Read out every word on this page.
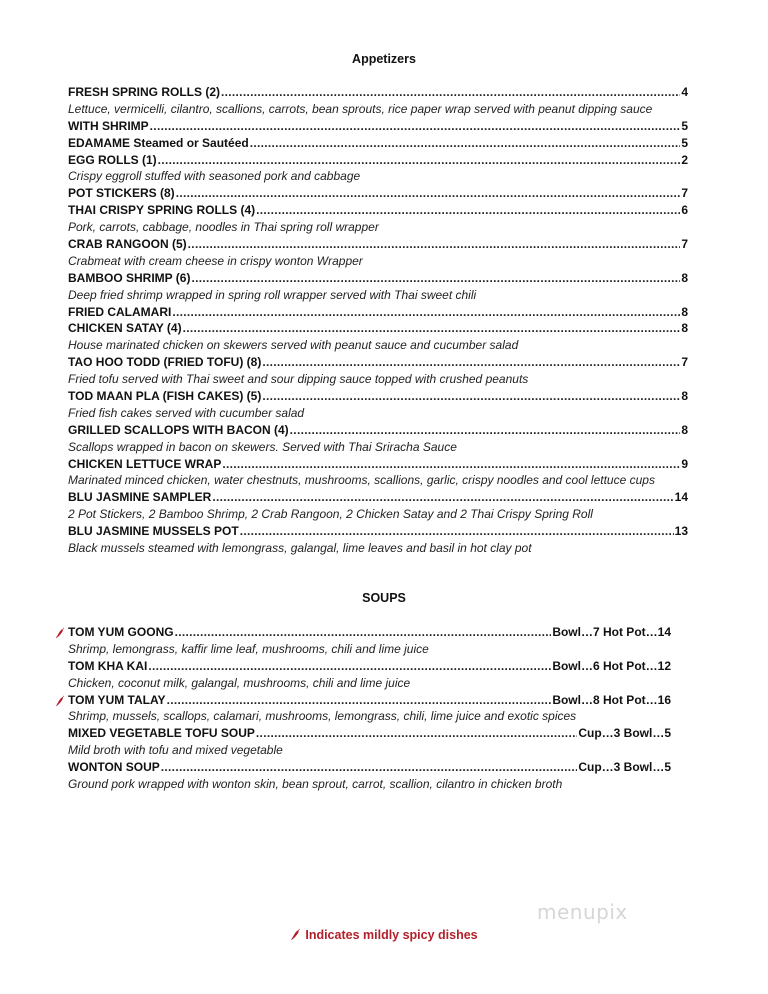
Appetizers
FRESH SPRING ROLLS (2) .....	4
Lettuce, vermicelli, cilantro, scallions, carrots, bean sprouts, rice paper wrap served with peanut dipping sauce
WITH SHRIMP .....	5
EDAMAME Steamed or Sautéed .....	5
EGG ROLLS (1) .....	2
Crispy eggroll stuffed with seasoned pork and cabbage
POT STICKERS (8) .....	7
THAI CRISPY SPRING ROLLS (4) .....	6
Pork, carrots, cabbage, noodles in Thai spring roll wrapper
CRAB RANGOON (5) .....	7
Crabmeat with cream cheese in crispy wonton Wrapper
BAMBOO SHRIMP (6) .....	8
Deep fried shrimp wrapped in spring roll wrapper served with Thai sweet chili
FRIED CALAMARI .....	8
CHICKEN SATAY (4) .....	8
House marinated chicken on skewers served with peanut sauce and cucumber salad
TAO HOO TODD (FRIED TOFU) (8) .....	7
Fried tofu served with Thai sweet and sour dipping sauce topped with crushed peanuts
TOD MAAN PLA (FISH CAKES) (5) .....	8
Fried fish cakes served with cucumber salad
GRILLED SCALLOPS WITH BACON (4) .....	8
Scallops wrapped in bacon on skewers. Served with Thai Sriracha Sauce
CHICKEN LETTUCE WRAP .....	9
Marinated minced chicken, water chestnuts, mushrooms, scallions, garlic, crispy noodles and cool lettuce cups
BLU JASMINE SAMPLER .....	14
2 Pot Stickers, 2 Bamboo Shrimp, 2 Crab Rangoon, 2 Chicken Satay and 2 Thai Crispy Spring Roll
BLU JASMINE MUSSELS POT .....	13
Black mussels steamed with lemongrass, galangal, lime leaves and basil in hot clay pot
SOUPS
TOM YUM GOONG .....	Bowl…7 Hot Pot…14
Shrimp, lemongrass, kaffir lime leaf, mushrooms, chili and lime juice
TOM KHA KAI .....	Bowl…6 Hot Pot…12
Chicken, coconut milk, galangal, mushrooms, chili and lime juice
TOM YUM TALAY .....	Bowl…8 Hot Pot…16
Shrimp, mussels, scallops, calamari, mushrooms, lemongrass, chili, lime juice and exotic spices
MIXED VEGETABLE TOFU SOUP .....	Cup…3 Bowl…5
Mild broth with tofu and mixed vegetable
WONTON SOUP .....	Cup…3 Bowl…5
Ground pork wrapped with wonton skin, bean sprout, carrot, scallion, cilantro in chicken broth
menupix
Indicates mildly spicy dishes
